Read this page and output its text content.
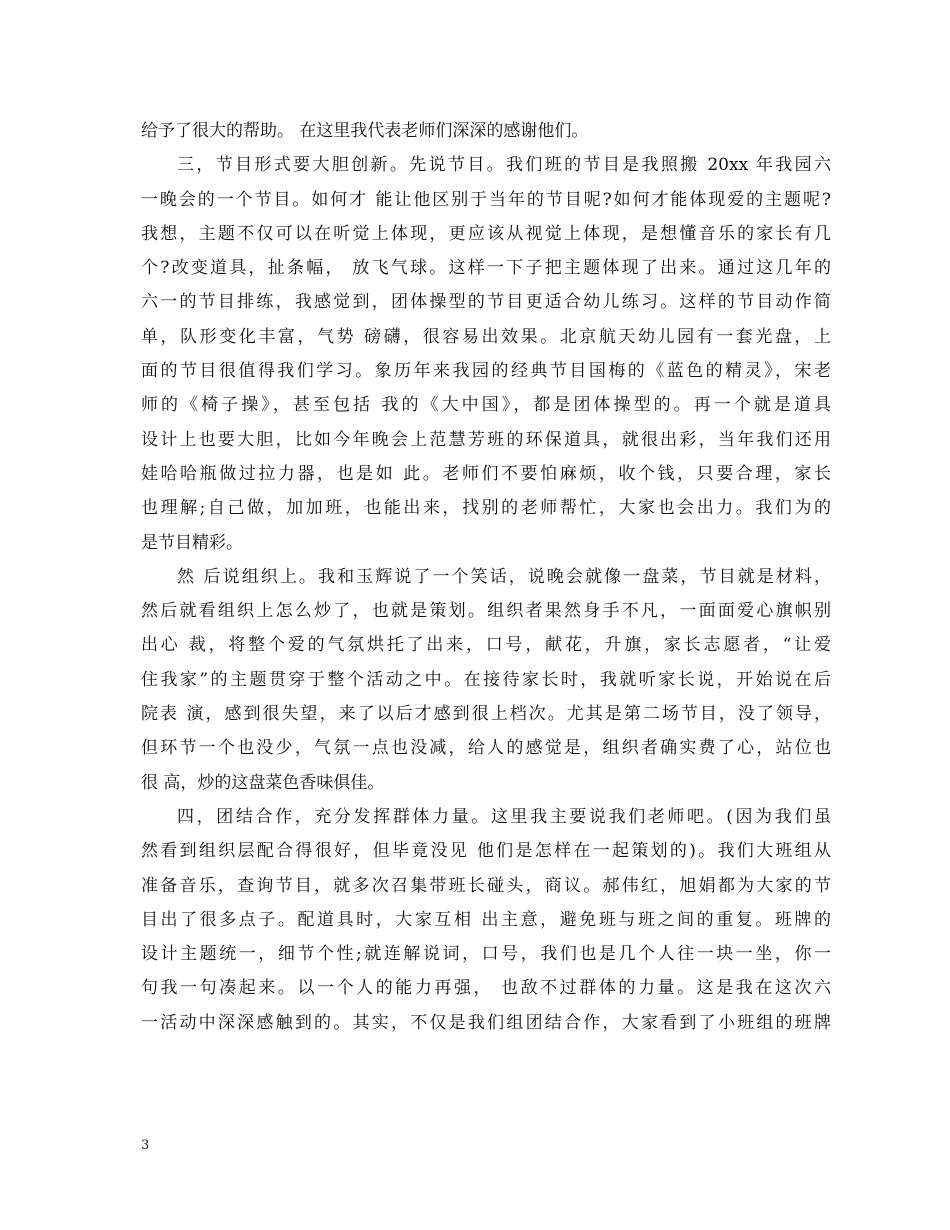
给予了很大的帮助。 在这里我代表老师们深深的感谢他们。
三，节目形式要大胆创新。先说节目。我们班的节目是我照搬 20xx 年我园六
一晚会的一个节目。如何才 能让他区别于当年的节目呢?如何才能体现爱的主题呢?
我想，主题不仅可以在听觉上体现，更应该从视觉上体现，是想懂音乐的家长有几
个?改变道具，扯条幅， 放飞气球。这样一下子把主题体现了出来。通过这几年的
六一的节目排练，我感觉到，团体操型的节目更适合幼儿练习。这样的节目动作简
单，队形变化丰富，气势 磅礴，很容易出效果。北京航天幼儿园有一套光盘，上
面的节目很值得我们学习。象历年来我园的经典节目国梅的《蓝色的精灵》，宋老
师的《椅子操》，甚至包括 我的《大中国》，都是团体操型的。再一个就是道具
设计上也要大胆，比如今年晚会上范慧芳班的环保道具，就很出彩，当年我们还用
娃哈哈瓶做过拉力器，也是如 此。老师们不要怕麻烦，收个钱，只要合理，家长
也理解;自己做，加加班，也能出来，找别的老师帮忙，大家也会出力。我们为的
是节目精彩。
然 后说组织上。我和玉辉说了一个笑话，说晚会就像一盘菜，节目就是材料，
然后就看组织上怎么炒了，也就是策划。组织者果然身手不凡，一面面爱心旗帜别
出心 裁，将整个爱的气氛烘托了出来，口号，献花，升旗，家长志愿者，“让爱
住我家”的主题贯穿于整个活动之中。在接待家长时，我就听家长说，开始说在后
院表 演，感到很失望，来了以后才感到很上档次。尤其是第二场节目，没了领导，
但环节一个也没少，气氛一点也没减，给人的感觉是，组织者确实费了心，站位也
很 高，炒的这盘菜色香味俱佳。
四，团结合作，充分发挥群体力量。这里我主要说我们老师吧。(因为我们虽
然看到组织层配合得很好，但毕竟没见 他们是怎样在一起策划的)。我们大班组从
准备音乐，查询节目，就多次召集带班长碰头，商议。郝伟红，旭娟都为大家的节
目出了很多点子。配道具时，大家互相 出主意，避免班与班之间的重复。班牌的
设计主题统一，细节个性;就连解说词，口号，我们也是几个人往一块一坐，你一
句我一句凑起来。以一个人的能力再强， 也敌不过群体的力量。这是我在这次六
一活动中深深感触到的。其实，不仅是我们组团结合作，大家看到了小班组的班牌
3
